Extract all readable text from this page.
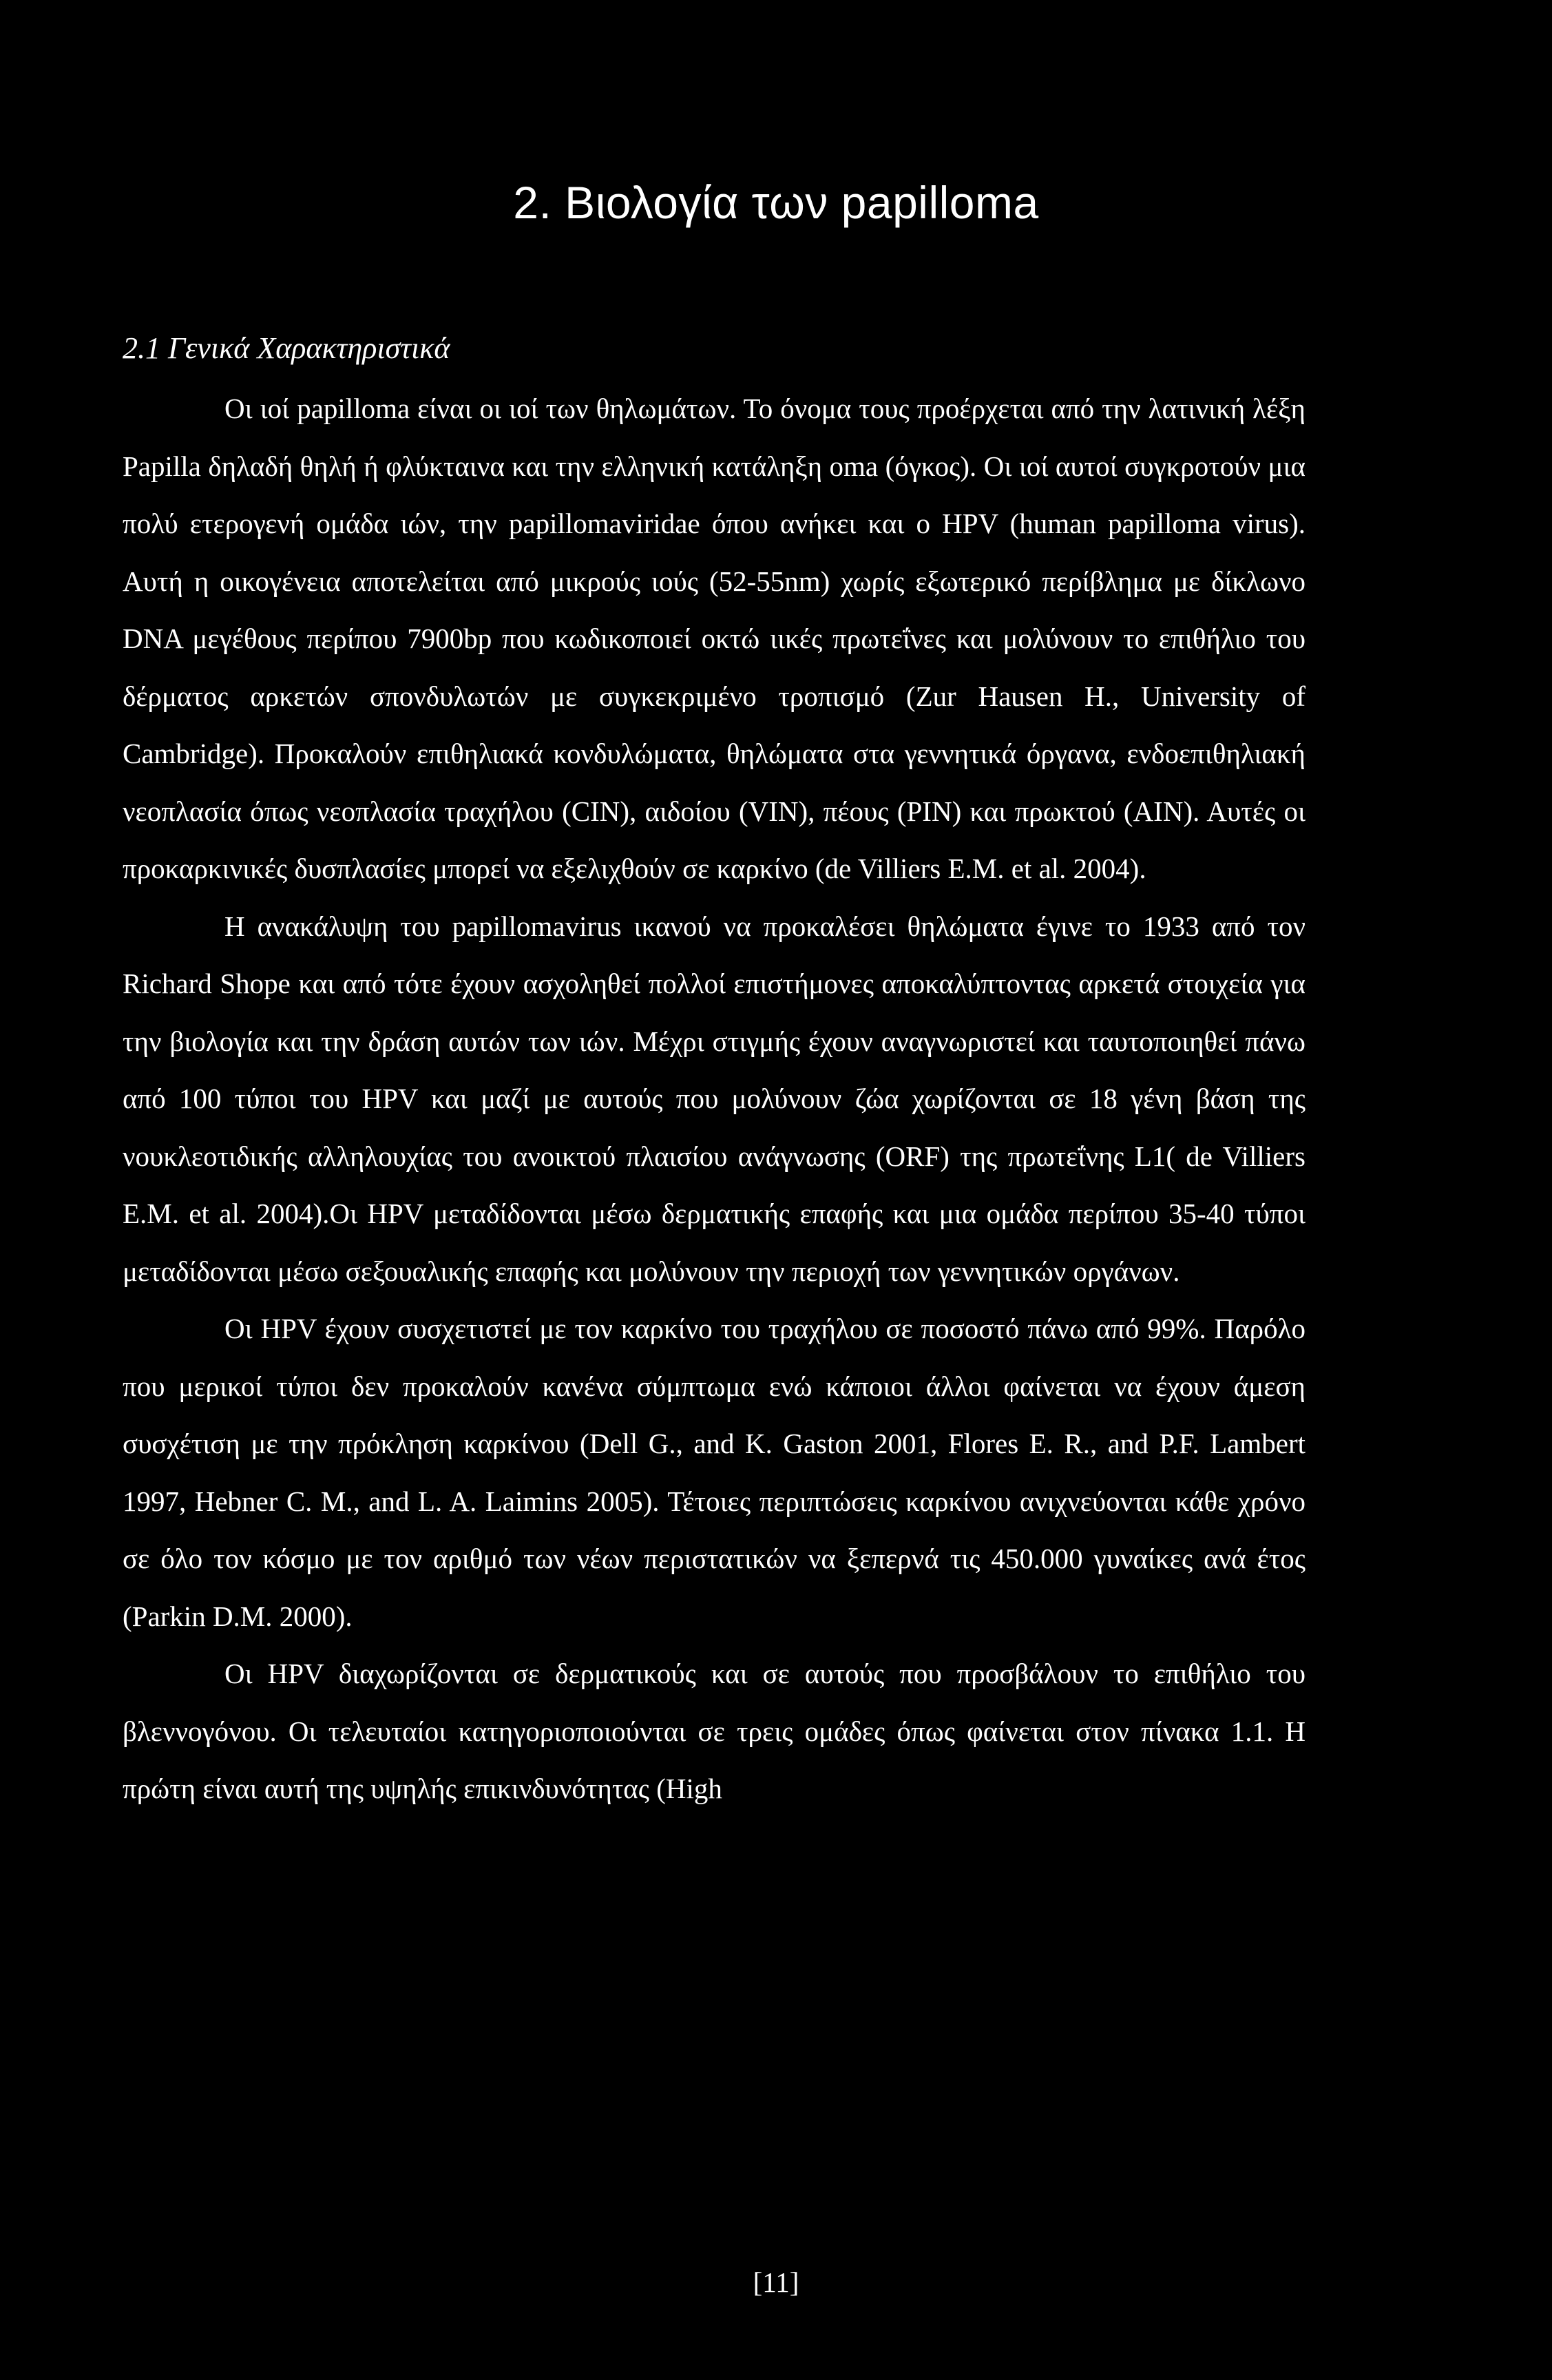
2. Βιολογία των papilloma
2.1 Γενικά Χαρακτηριστικά

Οι ιοί papilloma είναι οι ιοί των θηλωμάτων. Το όνομα τους προέρχεται από την λατινική λέξη Papilla δηλαδή θηλή ή φλύκταινα και την ελληνική κατάληξη oma (όγκος). Οι ιοί αυτοί συγκροτούν μια πολύ ετερογενή ομάδα ιών, την papillomaviridae όπου ανήκει και ο HPV (human papilloma virus). Αυτή η οικογένεια αποτελείται από μικρούς ιούς (52-55nm) χωρίς εξωτερικό περίβλημα με δίκλωνο DNA μεγέθους περίπου 7900bp που κωδικοποιεί οκτώ ιικές πρωτεΐνες και μολύνουν το επιθήλιο του δέρματος αρκετών σπονδυλωτών με συγκεκριμένο τροπισμό (Zur Hausen H., University of Cambridge). Προκαλούν επιθηλιακά κονδυλώματα, θηλώματα στα γεννητικά όργανα, ενδοεπιθηλιακή νεοπλασία όπως νεοπλασία τραχήλου (CIN), αιδοίου (VIN), πέους (PIN) και πρωκτού (AIN). Αυτές οι προκαρκινικές δυσπλασίες μπορεί να εξελιχθούν σε καρκίνο (de Villiers E.M. et al. 2004).

Η ανακάλυψη του papillomavirus ικανού να προκαλέσει θηλώματα έγινε το 1933 από τον Richard Shope και από τότε έχουν ασχοληθεί πολλοί επιστήμονες αποκαλύπτοντας αρκετά στοιχεία για την βιολογία και την δράση αυτών των ιών. Μέχρι στιγμής έχουν αναγνωριστεί και ταυτοποιηθεί πάνω από 100 τύποι του HPV και μαζί με αυτούς που μολύνουν ζώα χωρίζονται σε 18 γένη βάση της νουκλεοτιδικής αλληλουχίας του ανοικτού πλαισίου ανάγνωσης (ORF) της πρωτεΐνης L1( de Villiers E.M. et al. 2004).Οι HPV μεταδίδονται μέσω δερματικής επαφής και μια ομάδα περίπου 35-40 τύποι μεταδίδονται μέσω σεξουαλικής επαφής και μολύνουν την περιοχή των γεννητικών οργάνων.

Οι HPV έχουν συσχετιστεί με τον καρκίνο του τραχήλου σε ποσοστό πάνω από 99%. Παρόλο που μερικοί τύποι δεν προκαλούν κανένα σύμπτωμα ενώ κάποιοι άλλοι φαίνεται να έχουν άμεση συσχέτιση με την πρόκληση καρκίνου (Dell G., and K. Gaston 2001, Flores E. R., and P.F. Lambert 1997, Hebner C. M., and L. A. Laimins 2005). Τέτοιες περιπτώσεις καρκίνου ανιχνεύονται κάθε χρόνο σε όλο τον κόσμο με τον αριθμό των νέων περιστατικών να ξεπερνά τις 450.000 γυναίκες ανά έτος (Parkin D.M. 2000).

Οι HPV διαχωρίζονται σε δερματικούς και σε αυτούς που προσβάλουν το επιθήλιο του βλεννογόνου. Οι τελευταίοι κατηγοριοποιούνται σε τρεις ομάδες όπως φαίνεται στον πίνακα 1.1. Η πρώτη είναι αυτή της υψηλής επικινδυνότητας (High

[11]
